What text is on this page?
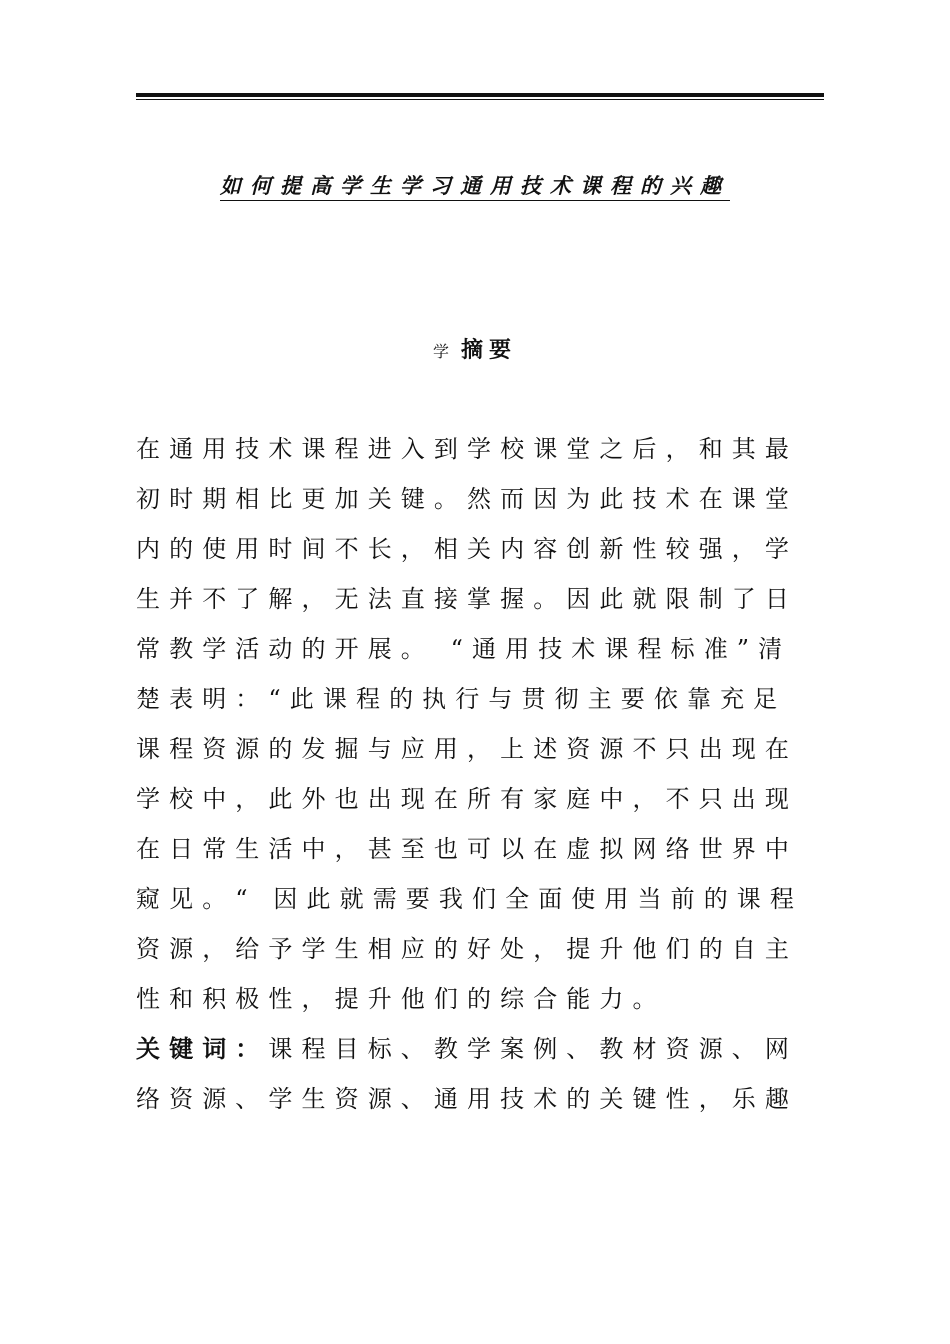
如何提高学生学习通用技术课程的兴趣
学 摘要
在通用技术课程进入到学校课堂之后，和其最
初时期相比更加关键。然而因为此技术在课堂
内的使用时间不长，相关内容创新性较强，学
生并不了解，无法直接掌握。因此就限制了日
常教学活动的开展。 “通用技术课程标准”清
楚表明：“此课程的执行与贯彻主要依靠充足
课程资源的发掘与应用，上述资源不只出现在
学校中，此外也出现在所有家庭中，不只出现
在日常生活中，甚至也可以在虚拟网络世界中
窥见。“ 因此就需要我们全面使用当前的课程
资源，给予学生相应的好处，提升他们的自主
性和积极性，提升他们的综合能力。
关键词：课程目标、教学案例、教材资源、网
络资源、学生资源、通用技术的关键性，乐趣
